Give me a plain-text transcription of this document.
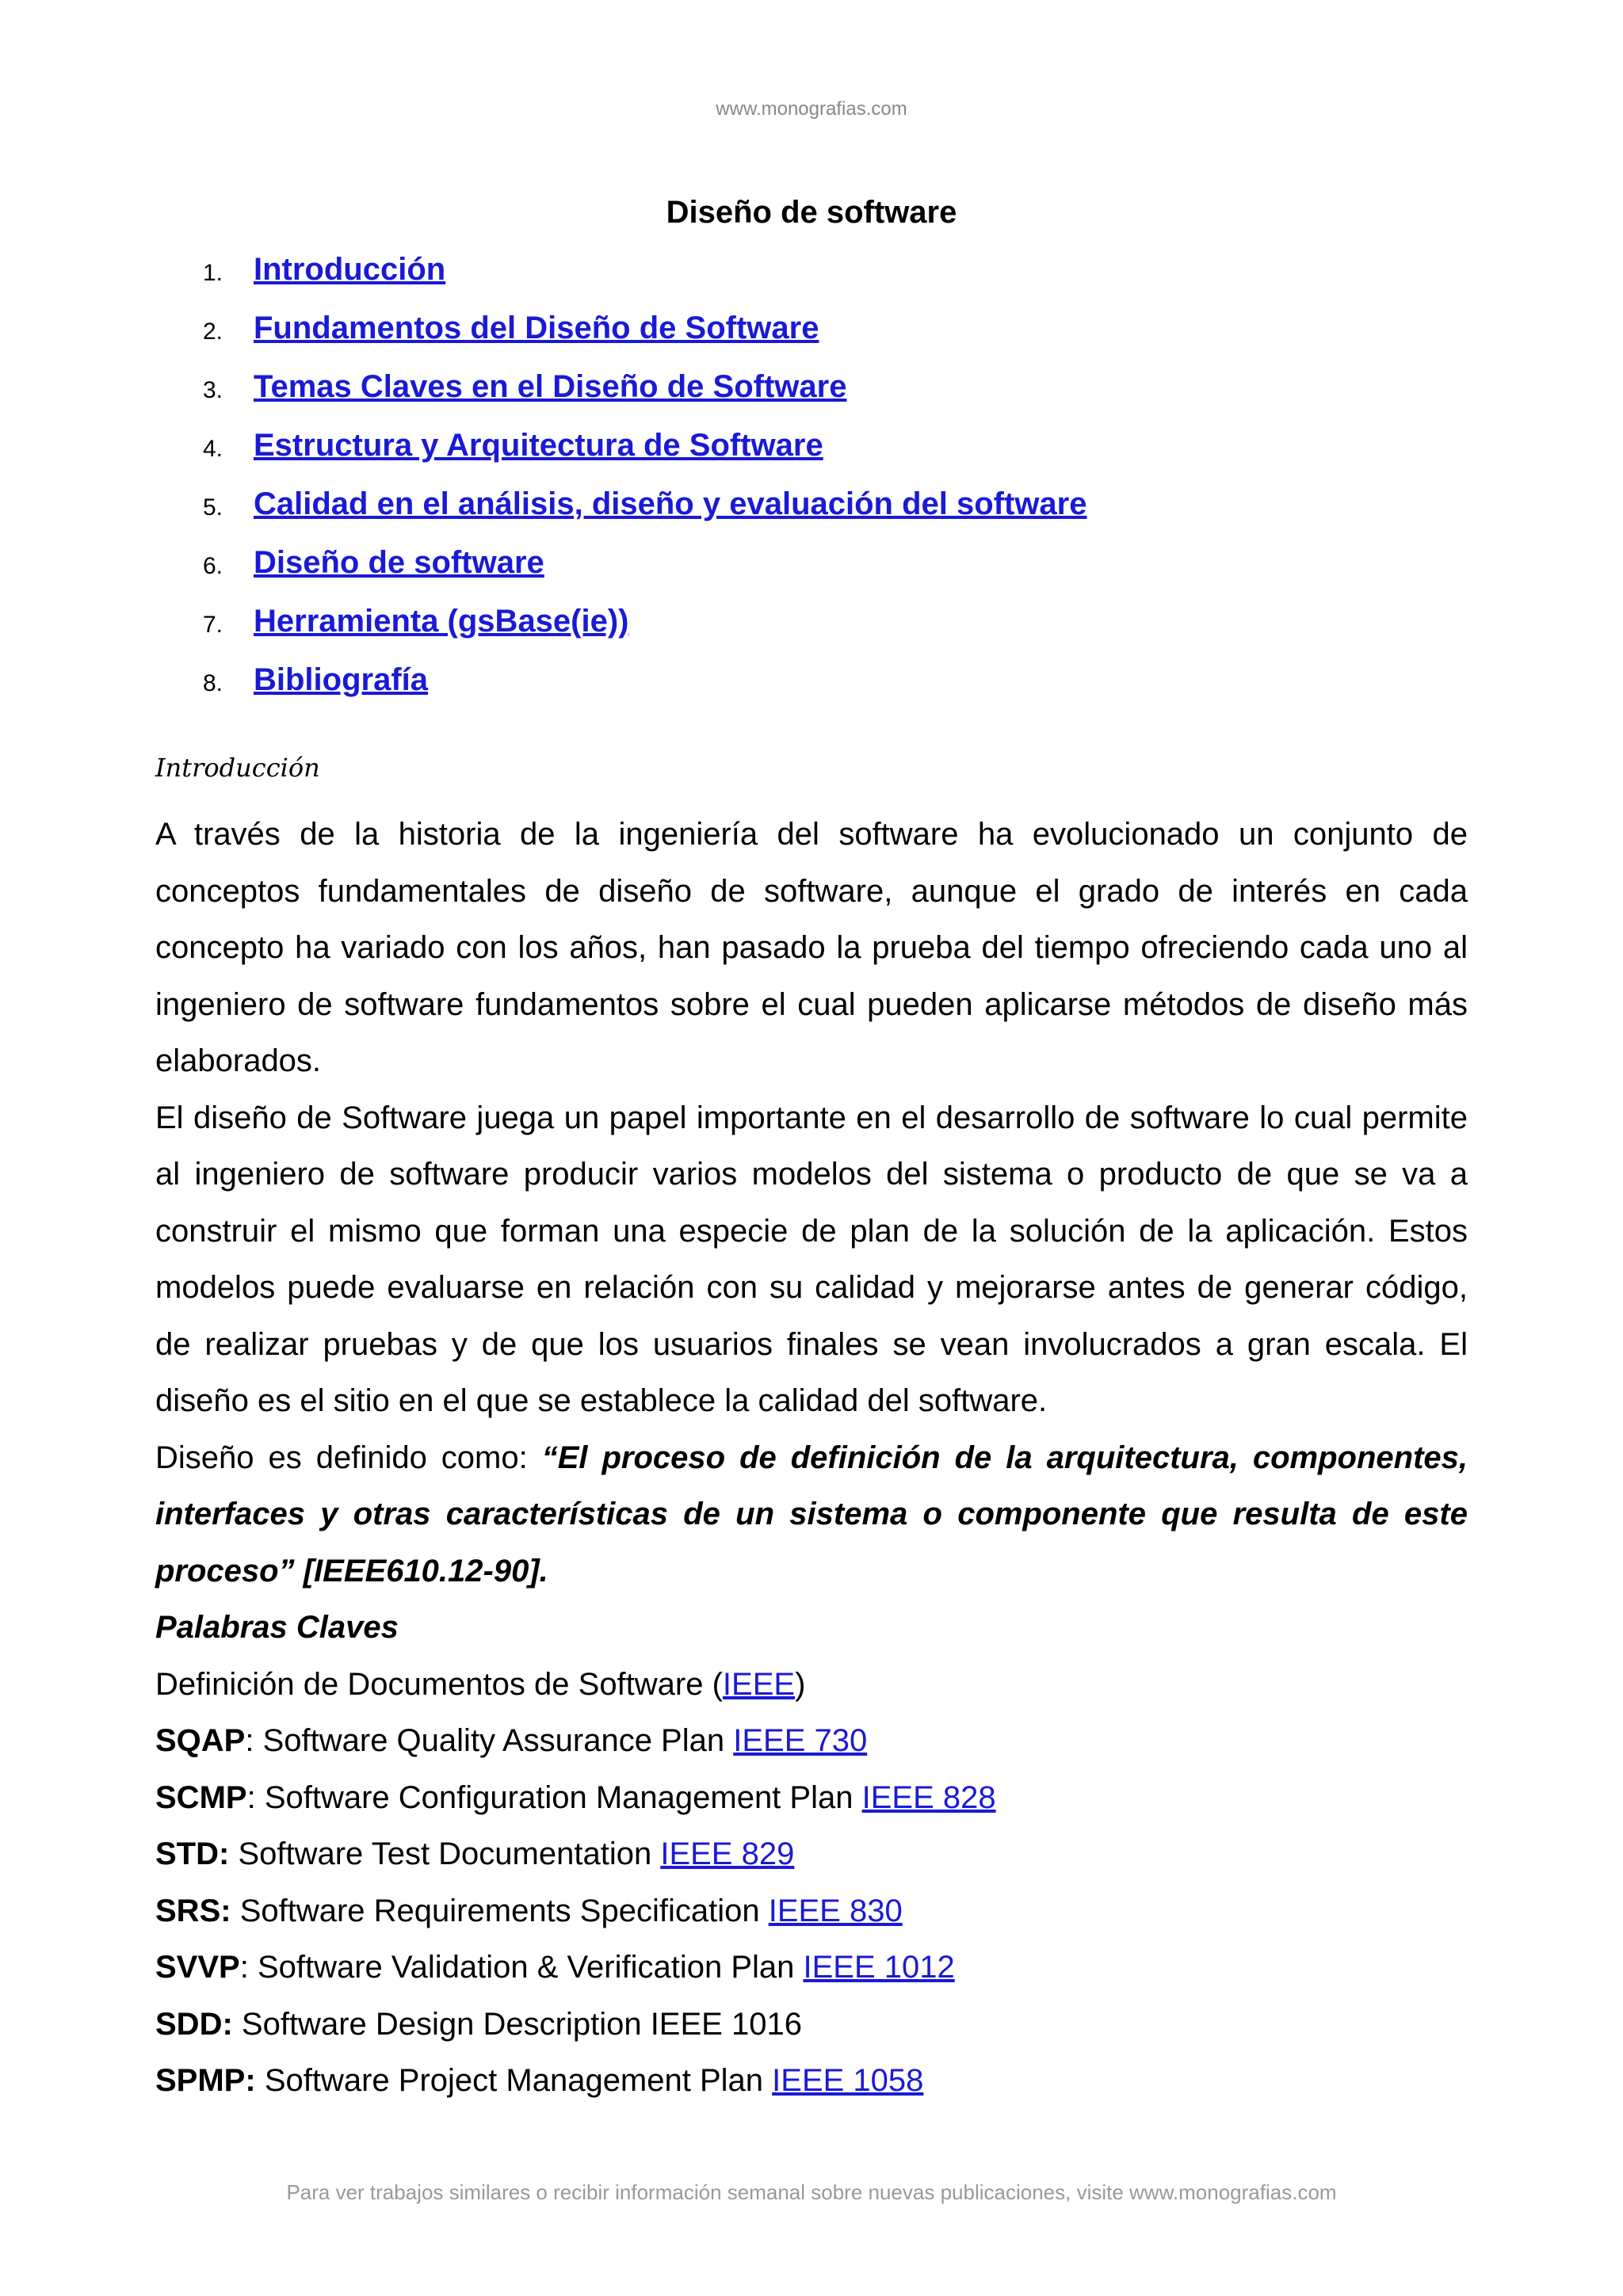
www.monografias.com
Diseño de software
1. Introducción
2. Fundamentos del Diseño de Software
3. Temas Claves en el Diseño de Software
4. Estructura y Arquitectura de Software
5. Calidad en el análisis, diseño y evaluación del software
6. Diseño de software
7. Herramienta (gsBase(ie))
8. Bibliografía
Introducción

A través de la historia de la ingeniería del software ha evolucionado un conjunto de conceptos fundamentales de diseño de software, aunque el grado de interés en cada concepto ha variado con los años, han pasado la prueba del tiempo ofreciendo cada uno al ingeniero de software fundamentos sobre el cual pueden aplicarse métodos de diseño más elaborados.

El diseño de Software juega un papel importante en el desarrollo de software lo cual permite al ingeniero de software producir varios modelos del sistema o producto de que se va a construir el mismo que forman una especie de plan de la solución de la aplicación. Estos modelos puede evaluarse en relación con su calidad y mejorarse antes de generar código, de realizar pruebas y de que los usuarios finales se vean involucrados a gran escala. El diseño es el sitio en el que se establece la calidad del software.

Diseño es definido como: “El proceso de definición de la arquitectura, componentes, interfaces y otras características de un sistema o componente que resulta de este proceso” [IEEE610.12-90].

Palabras Claves

Definición de Documentos de Software (IEEE)

SQAP: Software Quality Assurance Plan IEEE 730

SCMP: Software Configuration Management Plan IEEE 828

STD: Software Test Documentation IEEE 829

SRS: Software Requirements Specification IEEE 830

SVVP: Software Validation & Verification Plan IEEE 1012

SDD: Software Design Description IEEE 1016

SPMP: Software Project Management Plan IEEE 1058

Para ver trabajos similares o recibir información semanal sobre nuevas publicaciones, visite www.monografias.com
